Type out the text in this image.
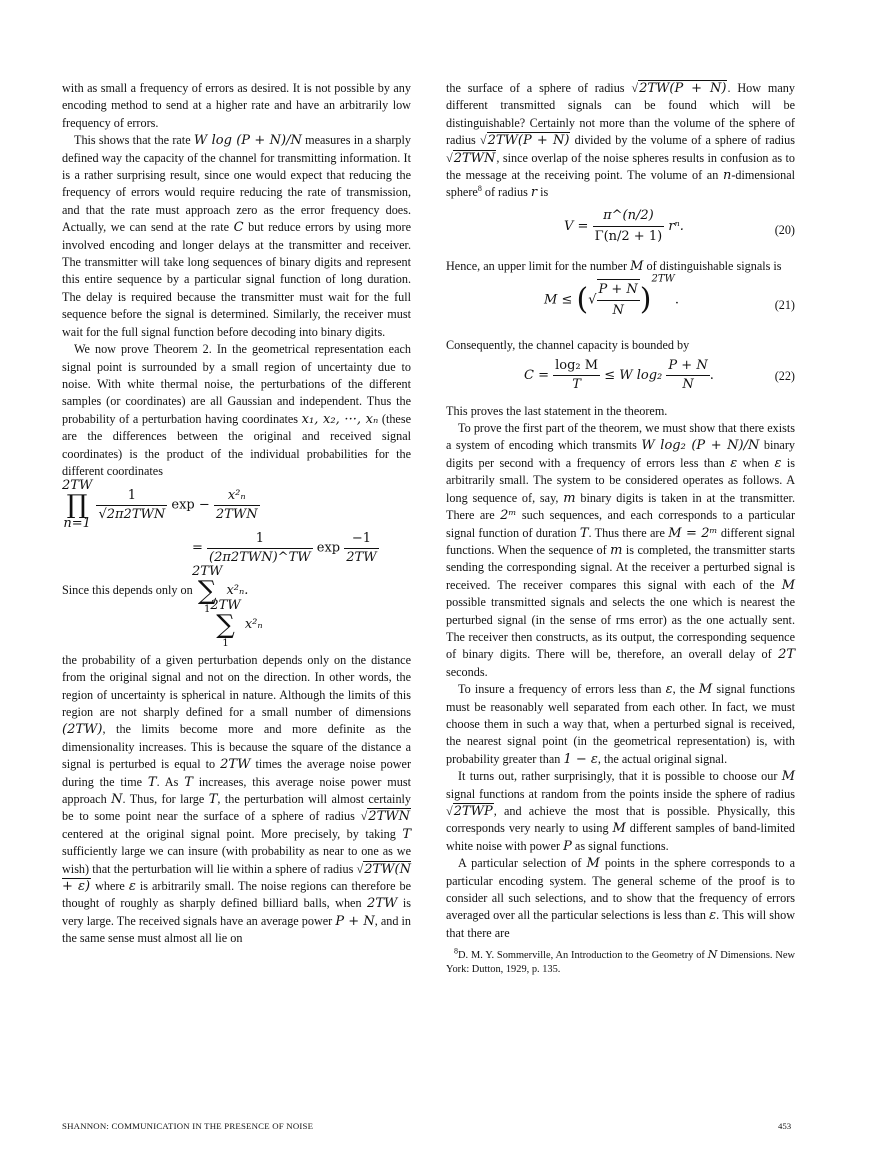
with as small a frequency of errors as desired. It is not possible by any encoding method to send at a higher rate and have an arbitrarily low frequency of errors.

This shows that the rate W log (P + N)/N measures in a sharply defined way the capacity of the channel for transmitting information. It is a rather surprising result, since one would expect that reducing the frequency of errors would require reducing the rate of transmission, and that the rate must approach zero as the error frequency does. Actually, we can send at the rate C but reduce errors by using more involved encoding and longer delays at the transmitter and receiver. The transmitter will take long sequences of binary digits and represent this entire sequence by a particular signal function of long duration. The delay is required because the transmitter must wait for the full sequence before the signal is determined. Similarly, the receiver must wait for the full signal function before decoding into binary digits.

We now prove Theorem 2. In the geometrical representation each signal point is surrounded by a small region of uncertainty due to noise. With white thermal noise, the perturbations of the different samples (or coordinates) are all Gaussian and independent. Thus the probability of a perturbation having coordinates x₁, x₂, ···, xₙ (these are the differences between the original and received signal coordinates) is the product of the individual probabilities for the different coordinates

2TW
∏
n=1
$\frac{1}{\text{√2π2TWN}}$ $\exp - \frac{\text{x²ₙ}}{\text{2TWN}}$
= $\frac{1}{\text{(2π2TWN)\textasciicircum{}TW}}$ $\exp \frac{-1}{2TW}$
2TW
∑
1 x²ₙ.

Since this depends only on

2TW
∑
1 x²ₙ

the probability of a given perturbation depends only on the distance from the original signal and not on the direction. In other words, the region of uncertainty is spherical in nature. Although the limits of this region are not sharply defined for a small number of dimensions (2TW), the limits become more and more definite as the dimensionality increases. This is because the square of the distance a signal is perturbed is equal to 2TW times the average noise power during the time T. As T increases, this average noise power must approach N. Thus, for large T, the perturbation will almost certainly be to some point near the surface of a sphere of radius √2TWN centered at the original signal point. More precisely, by taking T sufficiently large we can insure (with probability as near to one as we wish) that the perturbation will lie within a sphere of radius √2TW(N + ε) where ε is arbitrarily small. The noise regions can therefore be thought of roughly as sharply defined billiard balls, when 2TW is very large. The received signals have an average power P + N, and in the same sense must almost all lie on

the surface of a sphere of radius √2TW(P + N). How many different transmitted signals can be found which will be distinguishable? Certainly not more than the volume of the sphere of radius √2TW(P + N) divided by the volume of a sphere of radius √2TWN, since overlap of the noise spheres results in confusion as to the message at the receiving point. The volume of an n-dimensional sphere$^8$ of radius r is

$V = \frac{\pi\^{}(n/2)}{\Gamma(n/2 + 1)} r^n$.	(20)

Hence, an upper limit for the number M of distinguishable signals is

M ≤ (√ $\frac{P + N}{N} )^{2TW}$.	(21)

Consequently, the channel capacity is bounded by

$C = \frac{\text{log₂ M}}{T} \le W$ $\log_2 \frac{P + N}{N}$ .	(22)

This proves the last statement in the theorem.

To prove the first part of the theorem, we must show that there exists a system of encoding which transmits W log₂ (P + N)/N binary digits per second with a frequency of errors less than ε when ε is arbitrarily small. The system to be considered operates as follows. A long sequence of, say, m binary digits is taken in at the transmitter. There are 2ᵐ such sequences, and each corresponds to a particular signal function of duration T. Thus there are M = 2ᵐ different signal functions. When the sequence of m is completed, the transmitter starts sending the corresponding signal. At the receiver a perturbed signal is received. The receiver compares this signal with each of the M possible transmitted signals and selects the one which is nearest the perturbed signal (in the sense of rms error) as the one actually sent. The receiver then constructs, as its output, the corresponding sequence of binary digits. There will be, therefore, an overall delay of 2T seconds.

To insure a frequency of errors less than ε, the M signal functions must be reasonably well separated from each other. In fact, we must choose them in such a way that, when a perturbed signal is received, the nearest signal point (in the geometrical representation) is, with probability greater than 1 − ε, the actual original signal.

It turns out, rather surprisingly, that it is possible to choose our M signal functions at random from the points inside the sphere of radius √2TWP, and achieve the most that is possible. Physically, this corresponds very nearly to using M different samples of band-limited white noise with power P as signal functions.

A particular selection of M points in the sphere corresponds to a particular encoding system. The general scheme of the proof is to consider all such selections, and to show that the frequency of errors averaged over all the particular selections is less than ε. This will show that there are

$^8$D. M. Y. Sommerville, An Introduction to the Geometry of N Dimensions. New York: Dutton, 1929, p. 135.

SHANNON: COMMUNICATION IN THE PRESENCE OF NOISE	453
